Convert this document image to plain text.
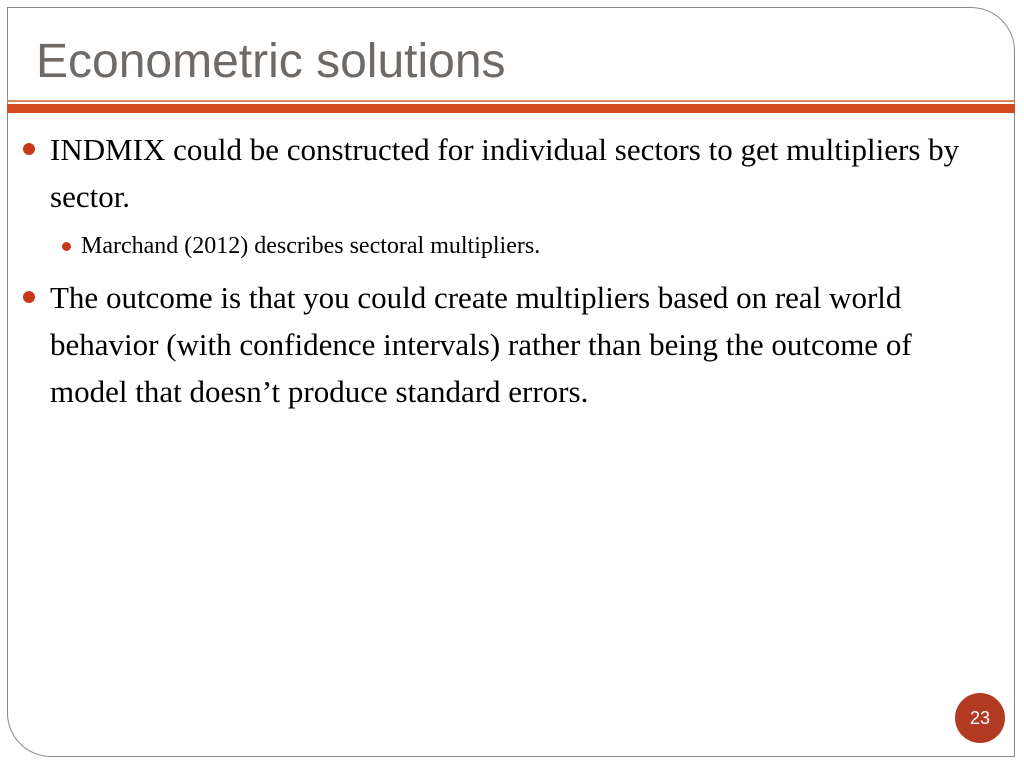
Econometric solutions
INDMIX could be constructed for individual sectors to get multipliers by sector.
Marchand (2012) describes sectoral multipliers.
The outcome is that you could create multipliers based on real world behavior (with confidence intervals) rather than being the outcome of model that doesn’t produce standard errors.
23
